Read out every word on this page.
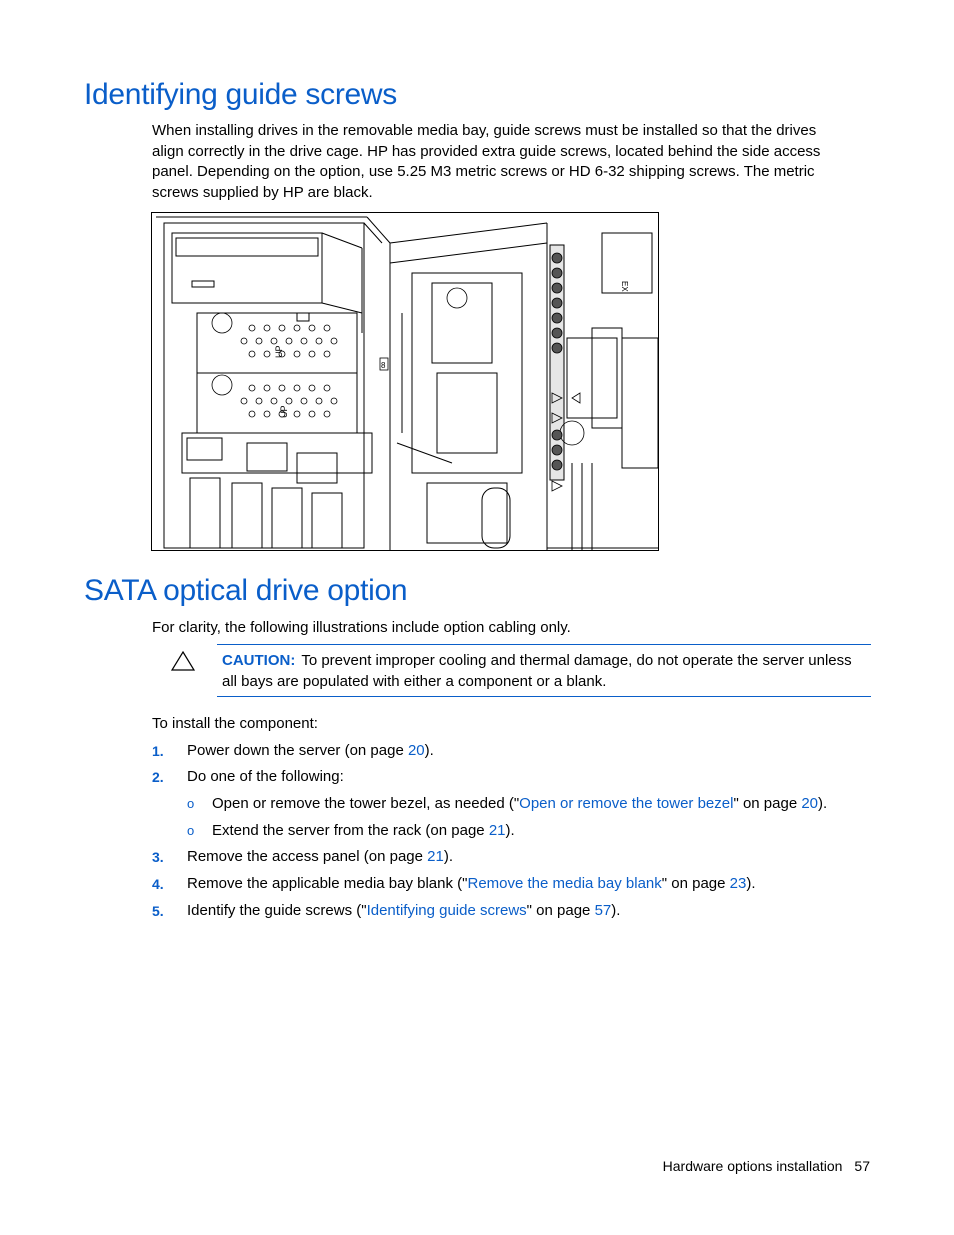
Identifying guide screws

When installing drives in the removable media bay, guide screws must be installed so that the drives align correctly in the drive cage. HP has provided extra guide screws, located behind the side access panel. Depending on the option, use 5.25 M3 metric screws or HD 6-32 shipping screws. The metric screws supplied by HP are black.

UP
UP
EX
8
SATA optical drive option

For clarity, the following illustrations include option cabling only.

CAUTION: To prevent improper cooling and thermal damage, do not operate the server unless all bays are populated with either a component or a blank.

To install the component:

1. Power down the server (on page 20).
2. Do one of the following:
o Open or remove the tower bezel, as needed ("Open or remove the tower bezel" on page 20).
o Extend the server from the rack (on page 21).
3. Remove the access panel (on page 21).
4. Remove the applicable media bay blank ("Remove the media bay blank" on page 23).
5. Identify the guide screws ("Identifying guide screws" on page 57).
Hardware options installation 57
